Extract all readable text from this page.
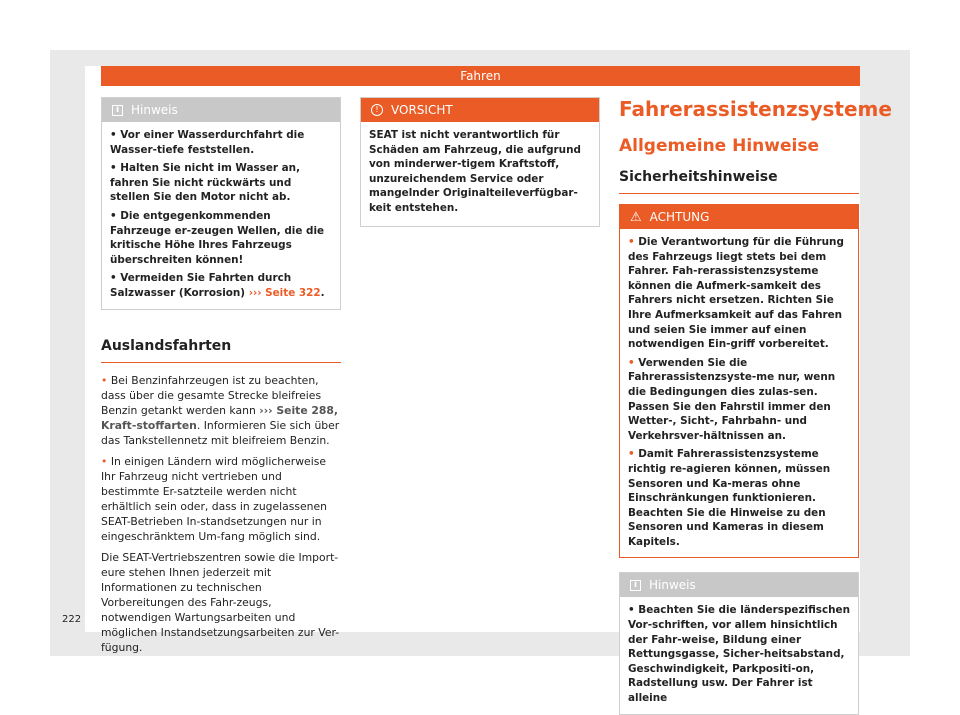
Fahren
i Hinweis

• Vor einer Wasserdurchfahrt die Wasser-tiefe feststellen.

• Halten Sie nicht im Wasser an, fahren Sie nicht rückwärts und stellen Sie den Motor nicht ab.

• Die entgegenkommenden Fahrzeuge er-zeugen Wellen, die die kritische Höhe Ihres Fahrzeugs überschreiten können!

• Vermeiden Sie Fahrten durch Salzwasser (Korrosion) ››› Seite 322.

Auslandsfahrten

• Bei Benzinfahrzeugen ist zu beachten, dass über die gesamte Strecke bleifreies Benzin getankt werden kann ››› Seite 288, Kraft-stoffarten. Informieren Sie sich über das Tankstellennetz mit bleifreiem Benzin.

• In einigen Ländern wird möglicherweise Ihr Fahrzeug nicht vertrieben und bestimmte Er-satzteile werden nicht erhältlich sein oder, dass in zugelassenen SEAT-Betrieben In-standsetzungen nur in eingeschränktem Um-fang möglich sind.

Die SEAT-Vertriebszentren sowie die Import-eure stehen Ihnen jederzeit mit Informationen zu technischen Vorbereitungen des Fahr-zeugs, notwendigen Wartungsarbeiten und möglichen Instandsetzungsarbeiten zur Ver-fügung.

!	VORSICHT

SEAT ist nicht verantwortlich für Schäden am Fahrzeug, die aufgrund von minderwer-tigem Kraftstoff, unzureichendem Service oder mangelnder Originalteileverfügbar-keit entstehen.

Fahrerassistenzsysteme
Allgemeine Hinweise
Sicherheitshinweise
⚠ ACHTUNG

• Die Verantwortung für die Führung des Fahrzeugs liegt stets bei dem Fahrer. Fah-rerassistenzsysteme können die Aufmerk-samkeit des Fahrers nicht ersetzen. Richten Sie Ihre Aufmerksamkeit auf das Fahren und seien Sie immer auf einen notwendigen Ein-griff vorbereitet.

• Verwenden Sie die Fahrerassistenzsyste-me nur, wenn die Bedingungen dies zulas-sen. Passen Sie den Fahrstil immer den Wetter-, Sicht-, Fahrbahn- und Verkehrsver-hältnissen an.

• Damit Fahrerassistenzsysteme richtig re-agieren können, müssen Sensoren und Ka-meras ohne Einschränkungen funktionieren. Beachten Sie die Hinweise zu den Sensoren und Kameras in diesem Kapitels.

i Hinweis

• Beachten Sie die länderspezifischen Vor-schriften, vor allem hinsichtlich der Fahr-weise, Bildung einer Rettungsgasse, Sicher-heitsabstand, Geschwindigkeit, Parkpositi-on, Radstellung usw. Der Fahrer ist alleine

222
